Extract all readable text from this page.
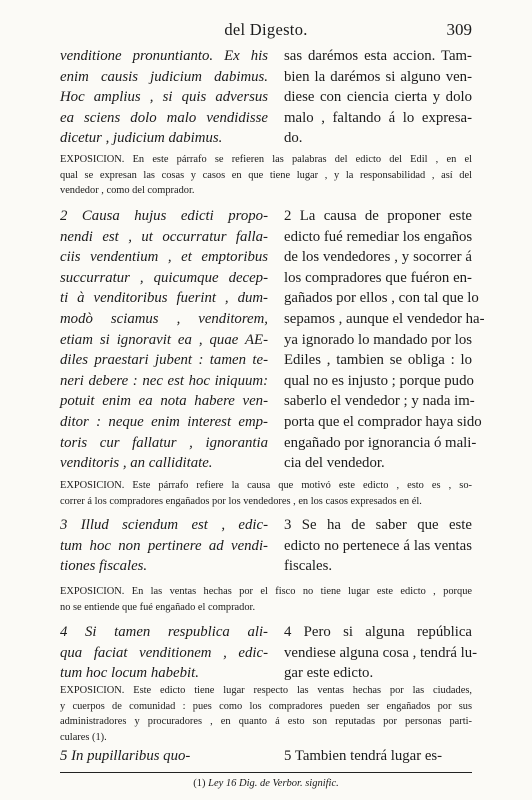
del Digesto.	309
venditione pronuntianto. Ex his
enim causis judicium dabimus.
Hoc amplius , si quis adversus
ea sciens dolo malo vendidisse
dicetur , judicium dabimus.
sas darémos esta accion. Tam-
bien la darémos si alguno ven-
diese con ciencia cierta y dolo
malo , faltando á lo expresa-
do.
EXPOSICION. En este párrafo se refieren las palabras del edicto del Edil , en el
qual se expresan las cosas y casos en que tiene lugar , y la responsabilidad , así del
vendedor , como del comprador.
2 Causa hujus edicti propo-
nendi est , ut occurratur falla-
ciis vendentium , et emptoribus
succurratur , quicumque decep-
ti à venditoribus fuerint , dum-
modò sciamus , venditorem,
etiam si ignoravit ea , quae AE-
diles praestari jubent : tamen te-
neri debere : nec est hoc iniquum:
potuit enim ea nota habere ven-
ditor : neque enim interest emp-
toris cur fallatur , ignorantia
venditoris , an calliditate.
2 La causa de proponer este
edicto fué remediar los engaños
de los vendedores , y socorrer á
los compradores que fuéron en-
gañados por ellos , con tal que lo
sepamos , aunque el vendedor ha-
ya ignorado lo mandado por los
Ediles , tambien se obliga : lo
qual no es injusto ; porque pudo
saberlo el vendedor ; y nada im-
porta que el comprador haya sido
engañado por ignorancia ó mali-
cia del vendedor.
EXPOSICION. Este párrafo refiere la causa que motivó este edicto , esto es , so-
correr á los compradores engañados por los vendedores , en los casos expresados en él.
3 Illud sciendum est , edic-
tum hoc non pertinere ad vendi-
tiones fiscales.
3 Se ha de saber que este
edicto no pertenece á las ventas
fiscales.
EXPOSICION. En las ventas hechas por el fisco no tiene lugar este edicto , porque
no se entiende que fué engañado el comprador.
4 Si tamen respublica ali-
qua faciat venditionem , edic-
tum hoc locum habebit.
4 Pero si alguna república
vendiese alguna cosa , tendrá lu-
gar este edicto.
EXPOSICION. Este edicto tiene lugar respecto las ventas hechas por las ciudades,
y cuerpos de comunidad : pues como los compradores pueden ser engañados por sus
administradores y procuradores , en quanto á esto son reputadas por personas parti-
culares (1).
5 In pupillaribus quo-	5 Tambien tendrá lugar es-
(1) Ley 16 Dig. de Verbor. signific.
